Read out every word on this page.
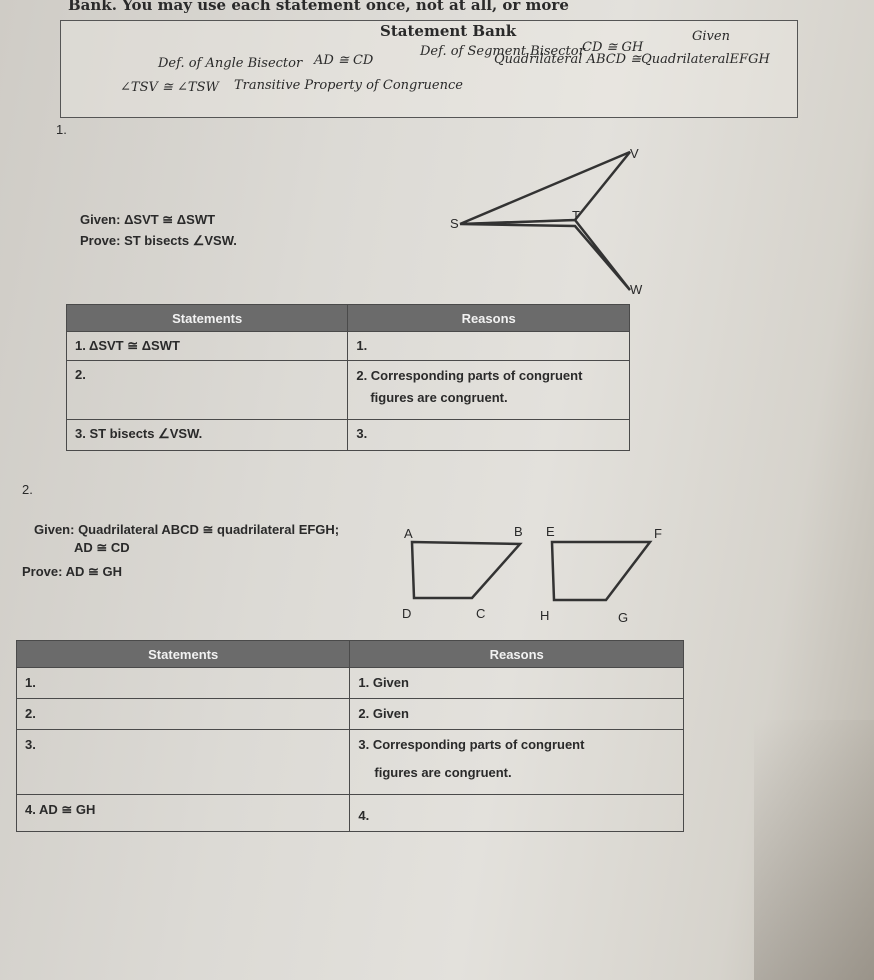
Bank. You may use each statement once, not at all, or more
Statement Bank
Def. of Angle Bisector AD ≅ CD
Def. of Segment Bisector
CD ≅ GH
Given
∠TSV ≅ ∠TSW Transitive Property of Congruence
Quadrilateral ABCD ≅QuadrilateralEFGH
1.
Given: ΔSVT ≅ ΔSWT
Prove: ST bisects ∠VSW.
S
T
V
W
Statements	Reasons

1. ΔSVT ≅ ΔSWT	1.

2.	2. Corresponding parts of congruent
figures are congruent.

3. ST bisects ∠VSW.	3.
2.
Given: Quadrilateral ABCD ≅ quadrilateral EFGH;
AD ≅ CD
Prove: AD ≅ GH
A	B E	F
D	C	H	G
Statements	Reasons

1.	1. Given

2.	2. Given

3.	3. Corresponding parts of congruent
figures are congruent.

4. AD ≅ GH	4.
